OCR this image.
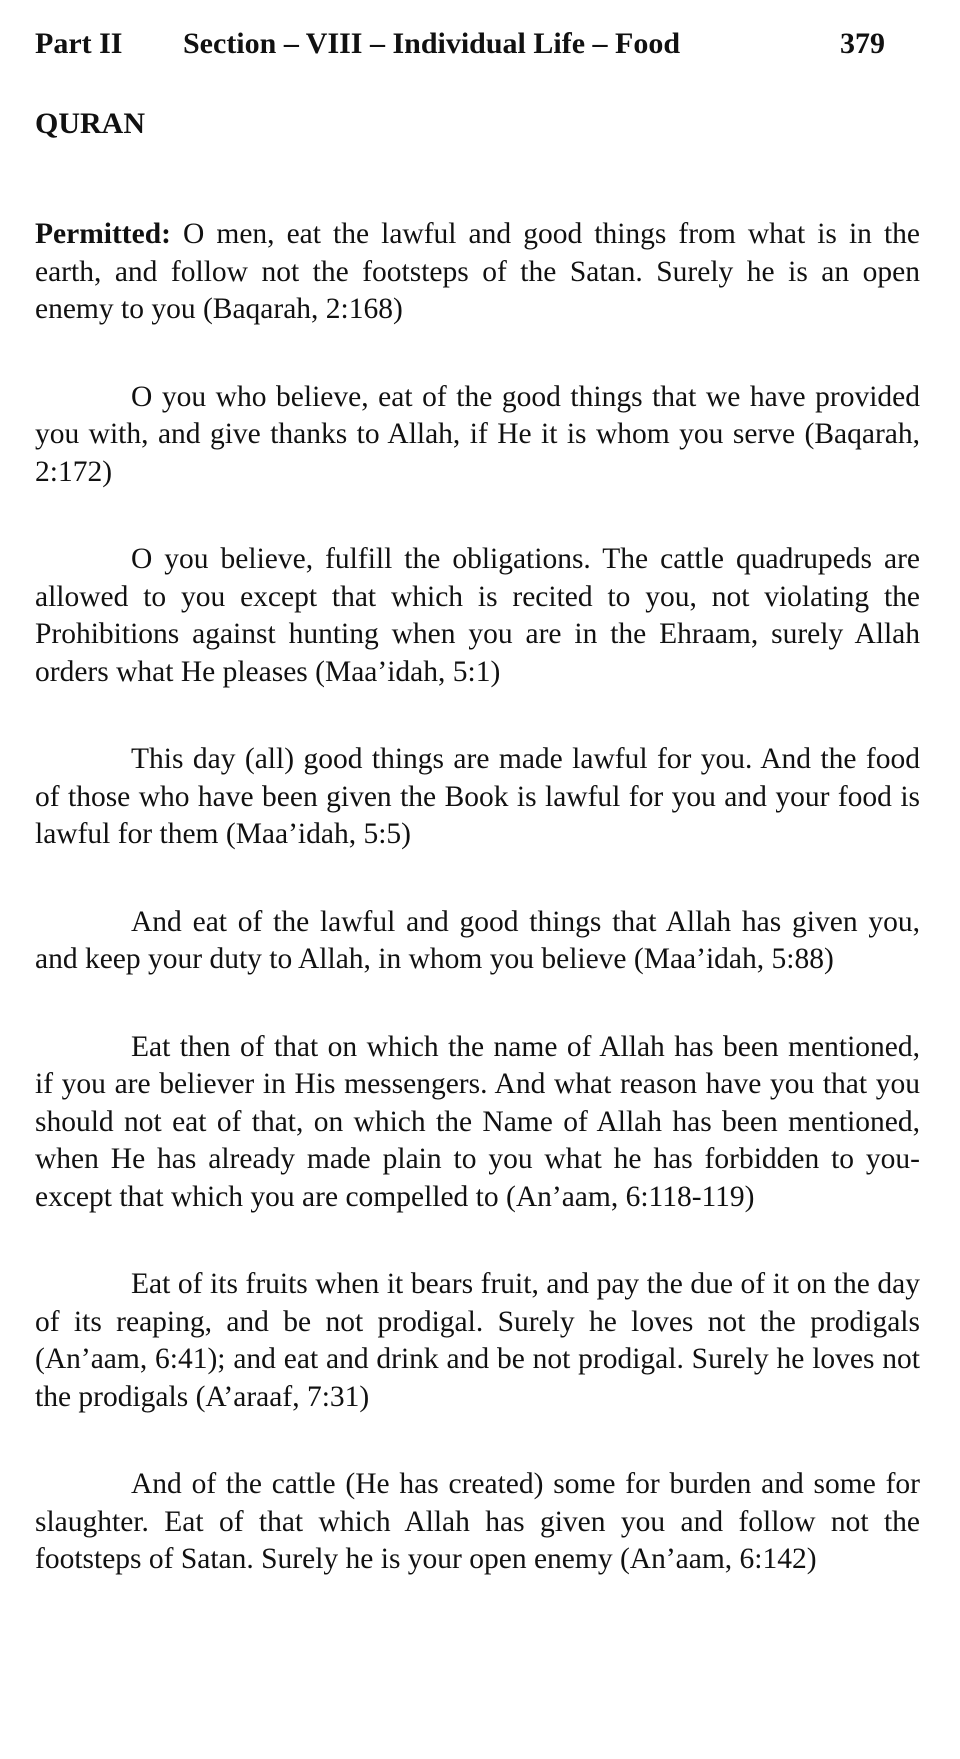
Part II	Section – VIII – Individual Life – Food	379
QURAN

Permitted: O men, eat the lawful and good things from what is in the earth, and follow not the footsteps of the Satan. Surely he is an open enemy to you (Baqarah, 2:168)

O you who believe, eat of the good things that we have provided you with, and give thanks to Allah, if He it is whom you serve (Baqarah, 2:172)

O you believe, fulfill the obligations. The cattle quadrupeds are allowed to you except that which is recited to you, not violating the Prohibitions against hunting when you are in the Ehraam, surely Allah orders what He pleases (Maa’idah, 5:1)

This day (all) good things are made lawful for you. And the food of those who have been given the Book is lawful for you and your food is lawful for them (Maa’idah, 5:5)

And eat of the lawful and good things that Allah has given you, and keep your duty to Allah, in whom you believe (Maa’idah, 5:88)

Eat then of that on which the name of Allah has been mentioned, if you are believer in His messengers. And what reason have you that you should not eat of that, on which the Name of Allah has been mentioned, when He has already made plain to you what he has forbidden to you-except that which you are compelled to (An’aam, 6:118-119)

Eat of its fruits when it bears fruit, and pay the due of it on the day of its reaping, and be not prodigal. Surely he loves not the prodigals (An’aam, 6:41); and eat and drink and be not prodigal. Surely he loves not the prodigals (A’araaf, 7:31)

And of the cattle (He has created) some for burden and some for slaughter. Eat of that which Allah has given you and follow not the footsteps of Satan. Surely he is your open enemy (An’aam, 6:142)
